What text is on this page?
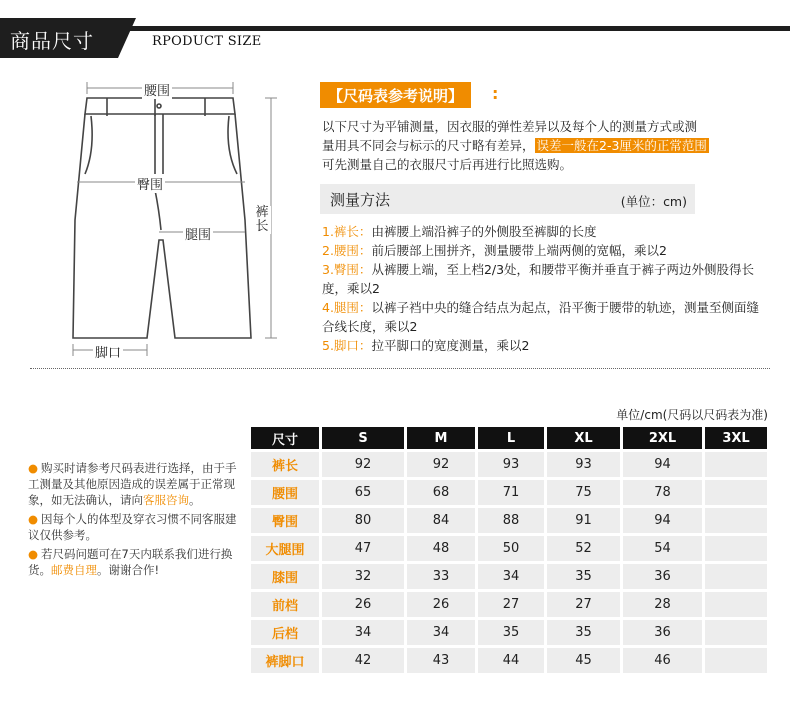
商品尺寸	RPODUCT SIZE
腰围
臀围
腿围
裤长
脚口
【尺码表参考说明】	:
以下尺寸为平铺测量，因衣服的弹性差异以及每个人的测量方式或测
量用具不同会与标示的尺寸略有差异， 误差一般在2-3厘米的正常范围
可先测量自己的衣服尺寸后再进行比照选购。
测量方法	(单位：cm)
1.裤长：由裤腰上端沿裤子的外侧股至裤脚的长度
2.腰围：前后腰部上围拼齐，测量腰带上端两侧的宽幅，乘以2
3.臀围：从裤腰上端，至上档2/3处，和腰带平衡并垂直于裤子两边外侧股得长度，乘以2
4.腿围：以裤子裆中央的缝合结点为起点，沿平衡于腰带的轨迹，测量至侧面缝合线长度，乘以2
5.脚口：拉平脚口的宽度测量，乘以2
● 购买时请参考尺码表进行选择，由于手工测量及其他原因造成的误差属于正常现象，如无法确认，请向客服咨询。
● 因每个人的体型及穿衣习惯不同客服建议仅供参考。
● 若尺码问题可在7天内联系我们进行换货。邮费自理。谢谢合作!
单位/cm(尺码以尺码表为准)
尺寸	S	M	L	XL	2XL	3XL
裤长	92	92	93	93	94	
腰围	65	68	71	75	78	
臀围	80	84	88	91	94	
大腿围	47	48	50	52	54	
膝围	32	33	34	35	36	
前档	26	26	27	27	28	
后档	34	34	35	35	36	
裤脚口	42	43	44	45	46	
